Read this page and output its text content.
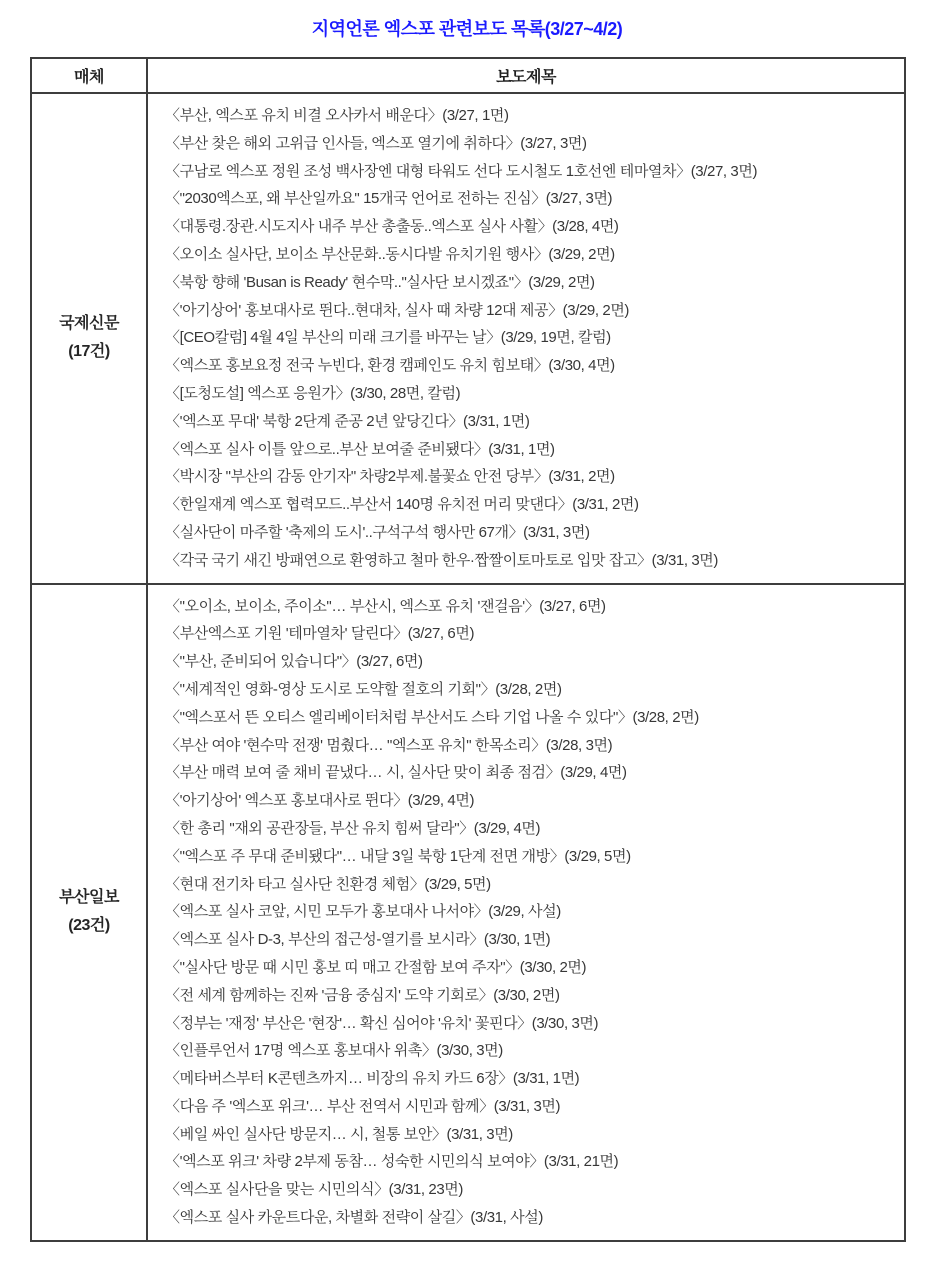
지역언론 엑스포 관련보도 목록(3/27~4/2)
매체	보도제목

국제신문
(17건)

〈부산, 엑스포 유치 비결 오사카서 배운다〉(3/27, 1면)
〈부산 찾은 해외 고위급 인사들, 엑스포 열기에 취하다〉(3/27, 3면)
〈구남로 엑스포 정원 조성 백사장엔 대형 타워도 선다 도시철도 1호선엔 테마열차〉(3/27, 3면)
〈"2030엑스포, 왜 부산일까요" 15개국 언어로 전하는 진심〉(3/27, 3면)
〈대통령.장관.시도지사 내주 부산 총출동..엑스포 실사 사활〉(3/28, 4면)
〈오이소 실사단, 보이소 부산문화..동시다발 유치기원 행사〉(3/29, 2면)
〈북항 향해 'Busan is Ready' 현수막.."실사단 보시겠죠"〉(3/29, 2면)
〈'아기상어' 홍보대사로 뛴다..현대차, 실사 때 차량 12대 제공〉(3/29, 2면)
〈[CEO칼럼] 4월 4일 부산의 미래 크기를 바꾸는 날〉(3/29, 19면, 칼럼)
〈엑스포 홍보요정 전국 누빈다, 환경 캠페인도 유치 힘보태〉(3/30, 4면)
〈[도청도설] 엑스포 응원가〉(3/30, 28면, 칼럼)
〈'엑스포 무대' 북항 2단계 준공 2년 앞당긴다〉(3/31, 1면)
〈엑스포 실사 이틀 앞으로..부산 보여줄 준비됐다〉(3/31, 1면)
〈박시장 "부산의 감동 안기자" 차량2부제.불꽃쇼 안전 당부〉(3/31, 2면)
〈한일재계 엑스포 협력모드..부산서 140명 유치전 머리 맞댄다〉(3/31, 2면)
〈실사단이 마주할 '축제의 도시'..구석구석 행사만 67개〉(3/31, 3면)
〈각국 국기 새긴 방패연으로 환영하고 철마 한우·짭짤이토마토로 입맛 잡고〉(3/31, 3면)

부산일보
(23건)

〈"오이소, 보이소, 주이소"… 부산시, 엑스포 유치 '잰걸음'〉(3/27, 6면)
〈부산엑스포 기원 '테마열차' 달린다〉(3/27, 6면)
〈"부산, 준비되어 있습니다"〉(3/27, 6면)
〈"세계적인 영화-영상 도시로 도약할 절호의 기회"〉(3/28, 2면)
〈"엑스포서 뜬 오티스 엘리베이터처럼 부산서도 스타 기업 나올 수 있다"〉(3/28, 2면)
〈부산 여야 '현수막 전쟁' 멈췄다… "엑스포 유치" 한목소리〉(3/28, 3면)
〈부산 매력 보여 줄 채비 끝냈다… 시, 실사단 맞이 최종 점검〉(3/29, 4면)
〈'아기상어' 엑스포 홍보대사로 뛴다〉(3/29, 4면)
〈한 총리 "재외 공관장들, 부산 유치 힘써 달라"〉(3/29, 4면)
〈"엑스포 주 무대 준비됐다"… 내달 3일 북항 1단계 전면 개방〉(3/29, 5면)
〈현대 전기차 타고 실사단 친환경 체험〉(3/29, 5면)
〈엑스포 실사 코앞, 시민 모두가 홍보대사 나서야〉(3/29, 사설)
〈엑스포 실사 D-3, 부산의 접근성-열기를 보시라〉(3/30, 1면)
〈"실사단 방문 때 시민 홍보 띠 매고 간절함 보여 주자"〉(3/30, 2면)
〈전 세계 함께하는 진짜 '금융 중심지' 도약 기회로〉(3/30, 2면)
〈정부는 '재정' 부산은 '현장'… 확신 심어야 '유치' 꽃핀다〉(3/30, 3면)
〈인플루언서 17명 엑스포 홍보대사 위촉〉(3/30, 3면)
〈메타버스부터 K콘텐츠까지… 비장의 유치 카드 6장〉(3/31, 1면)
〈다음 주 '엑스포 위크'… 부산 전역서 시민과 함께〉(3/31, 3면)
〈베일 싸인 실사단 방문지… 시, 철통 보안〉(3/31, 3면)
〈'엑스포 위크' 차량 2부제 동참… 성숙한 시민의식 보여야〉(3/31, 21면)
〈엑스포 실사단을 맞는 시민의식〉(3/31, 23면)
〈엑스포 실사 카운트다운, 차별화 전략이 살길〉(3/31, 사설)
